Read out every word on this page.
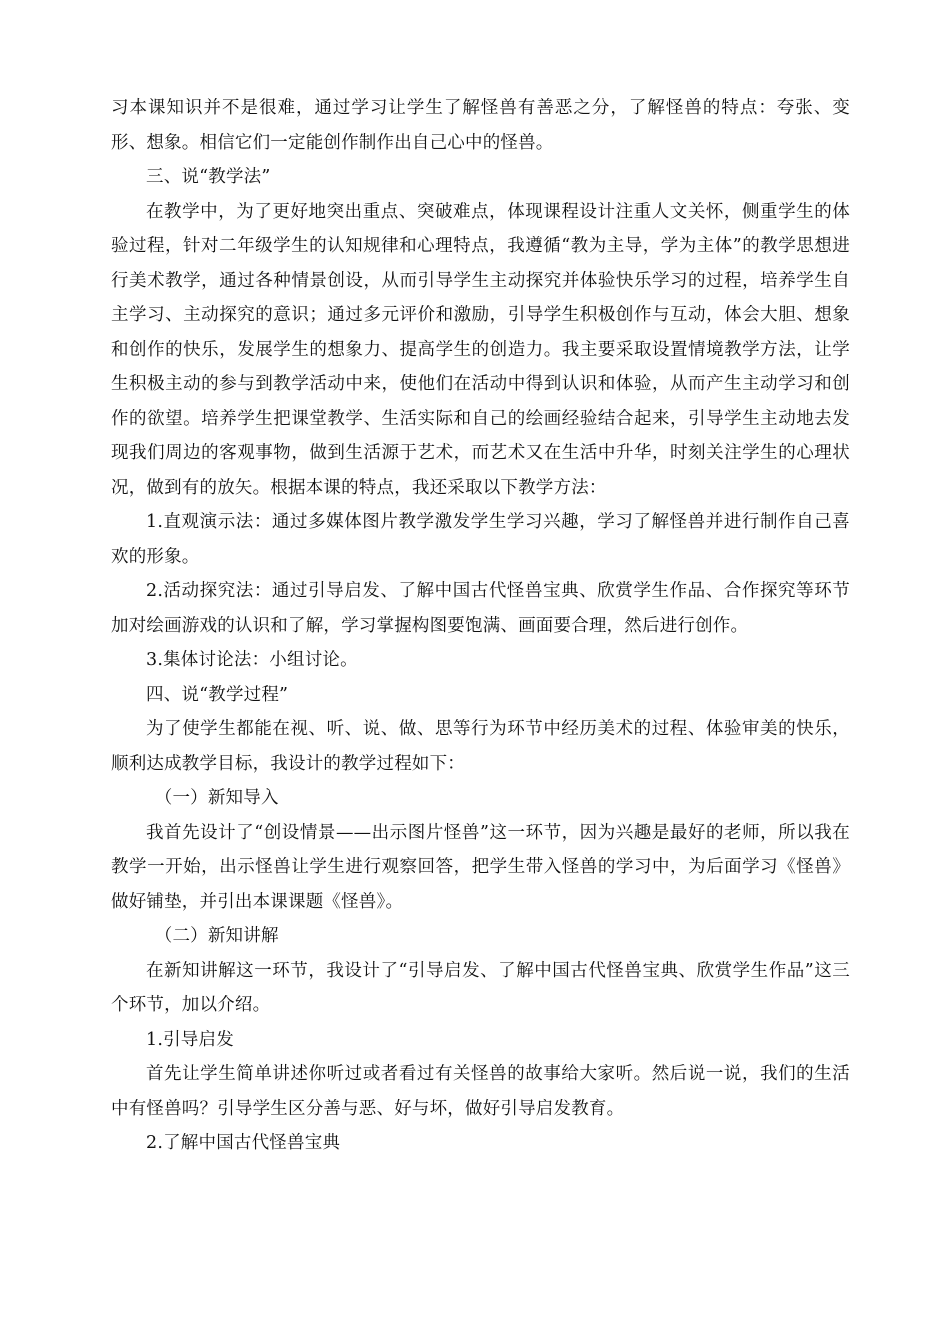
习本课知识并不是很难，通过学习让学生了解怪兽有善恶之分，了解怪兽的特点：夸张、变形、想象。相信它们一定能创作制作出自己心中的怪兽。

三、说“教学法”

在教学中，为了更好地突出重点、突破难点，体现课程设计注重人文关怀，侧重学生的体验过程，针对二年级学生的认知规律和心理特点，我遵循“教为主导，学为主体”的教学思想进行美术教学，通过各种情景创设，从而引导学生主动探究并体验快乐学习的过程，培养学生自主学习、主动探究的意识；通过多元评价和激励，引导学生积极创作与互动，体会大胆、想象和创作的快乐，发展学生的想象力、提高学生的创造力。我主要采取设置情境教学方法，让学生积极主动的参与到教学活动中来，使他们在活动中得到认识和体验，从而产生主动学习和创作的欲望。培养学生把课堂教学、生活实际和自己的绘画经验结合起来，引导学生主动地去发现我们周边的客观事物，做到生活源于艺术，而艺术又在生活中升华，时刻关注学生的心理状况，做到有的放矢。根据本课的特点，我还采取以下教学方法：

1.直观演示法：通过多媒体图片教学激发学生学习兴趣，学习了解怪兽并进行制作自己喜欢的形象。

2.活动探究法：通过引导启发、了解中国古代怪兽宝典、欣赏学生作品、合作探究等环节加对绘画游戏的认识和了解，学习掌握构图要饱满、画面要合理，然后进行创作。

3.集体讨论法：小组讨论。

四、说“教学过程”

为了使学生都能在视、听、说、做、思等行为环节中经历美术的过程、体验审美的快乐，顺利达成教学目标，我设计的教学过程如下：

（一）新知导入

我首先设计了“创设情景——出示图片怪兽”这一环节，因为兴趣是最好的老师，所以我在教学一开始，出示怪兽让学生进行观察回答，把学生带入怪兽的学习中，为后面学习《怪兽》做好铺垫，并引出本课课题《怪兽》。

（二）新知讲解

在新知讲解这一环节，我设计了“引导启发、了解中国古代怪兽宝典、欣赏学生作品”这三个环节，加以介绍。

1.引导启发

首先让学生简单讲述你听过或者看过有关怪兽的故事给大家听。然后说一说，我们的生活中有怪兽吗？引导学生区分善与恶、好与坏，做好引导启发教育。

2.了解中国古代怪兽宝典
